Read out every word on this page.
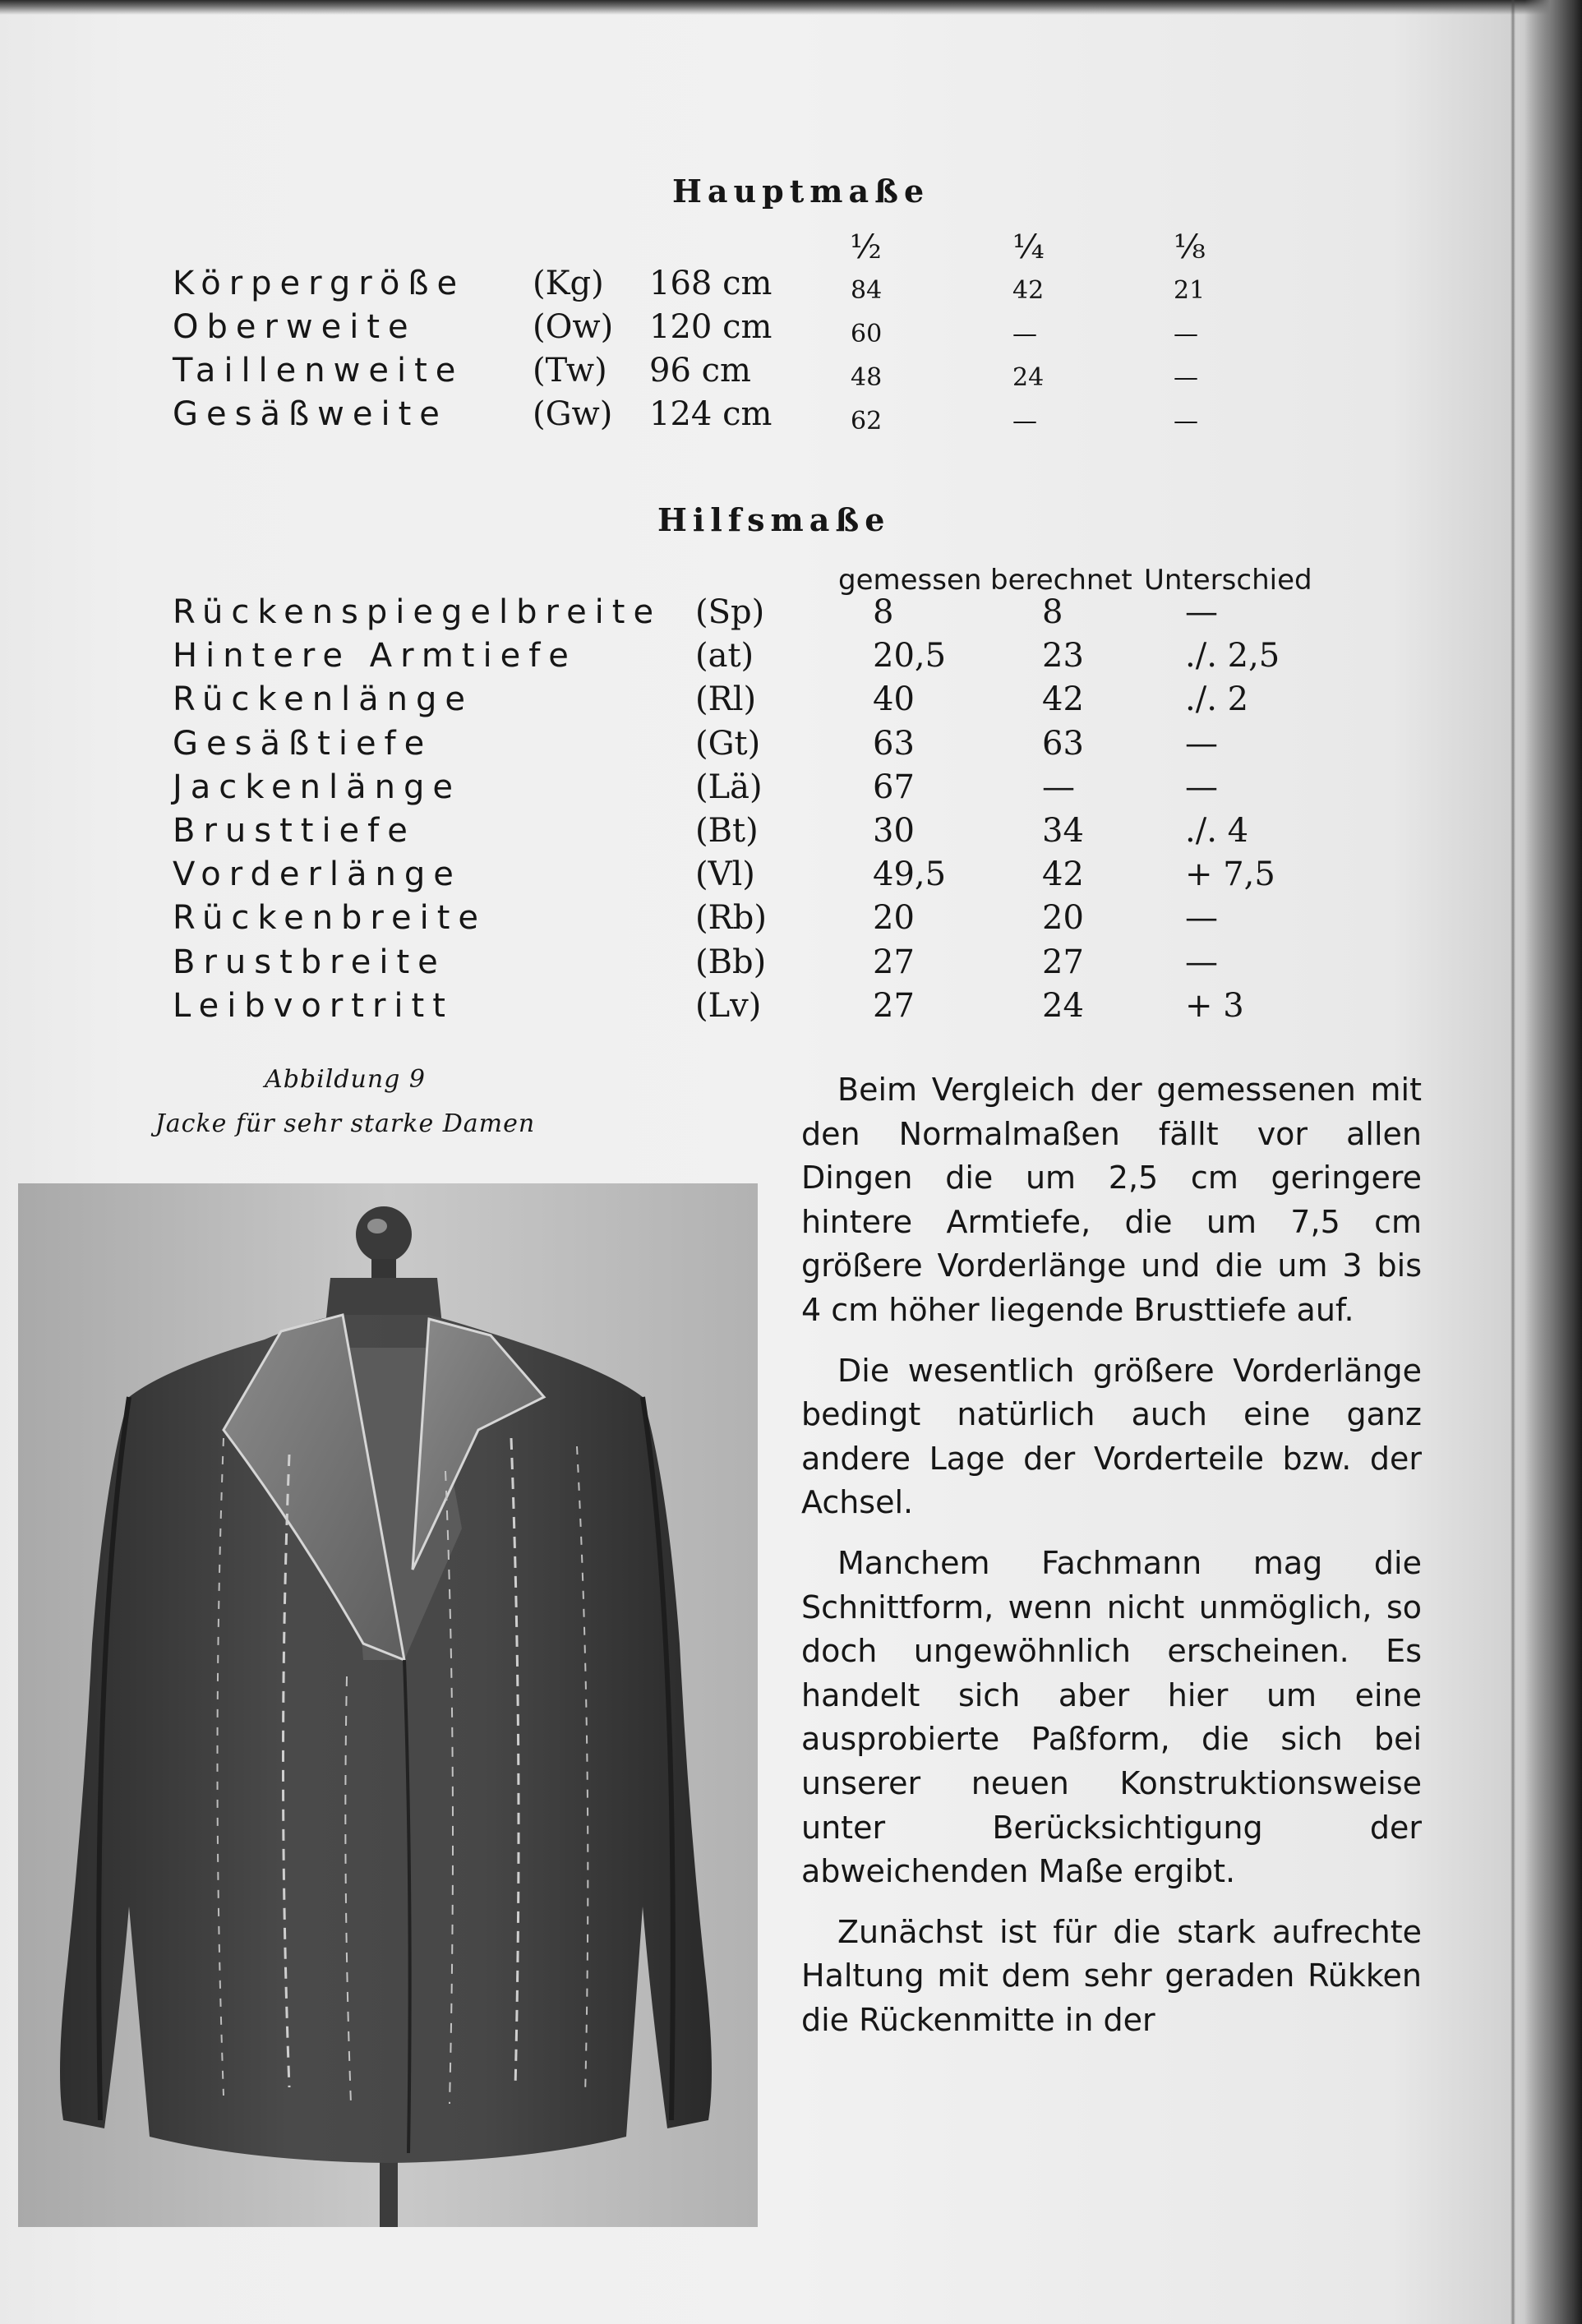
Hauptmaße
½	¼	⅛
Körpergröße (Kg) 168 cm	84	42	21
Oberweite	(Ow) 120 cm	60	—	—
Taillenweite (Tw) 96 cm	48	24	—
Gesäßweite	(Gw) 124 cm	62	—	—
Hilfsmaße
gemessen berechnet Unterschied
Rückenspiegelbreite (Sp)	8	8	—
Hintere Armtiefe	(at)	20,5	23	./. 2,5
Rückenlänge	(Rl)	40	42	./. 2
Gesäßtiefe	(Gt)	63	63	—
Jackenlänge	(Lä)	67	—	—
Brusttiefe	(Bt)	30	34	./. 4
Vorderlänge	(Vl)	49,5	42	+ 7,5
Rückenbreite	(Rb)	20	20	—
Brustbreite	(Bb)	27	27	—
Leibvortritt	(Lv)	27	24	+ 3
Abbildung 9
Jacke für sehr starke Damen

Beim Vergleich der gemessenen mit den Normalmaßen fällt vor allen Dingen die um 2,5 cm geringere hintere Armtiefe, die um 7,5 cm größere Vorderlänge und die um 3 bis 4 cm höher liegende Brusttiefe auf.

Die wesentlich größere Vorderlänge bedingt natürlich auch eine ganz andere Lage der Vorderteile bzw. der Achsel.

Manchem Fachmann mag die Schnittform, wenn nicht unmöglich, so doch ungewöhnlich erscheinen. Es handelt sich aber hier um eine ausprobierte Paßform, die sich bei unserer neuen Konstruktionsweise unter Berücksichtigung der abweichenden Maße ergibt.

Zunächst ist für die stark aufrechte Haltung mit dem sehr geraden Rükken die Rückenmitte in der
